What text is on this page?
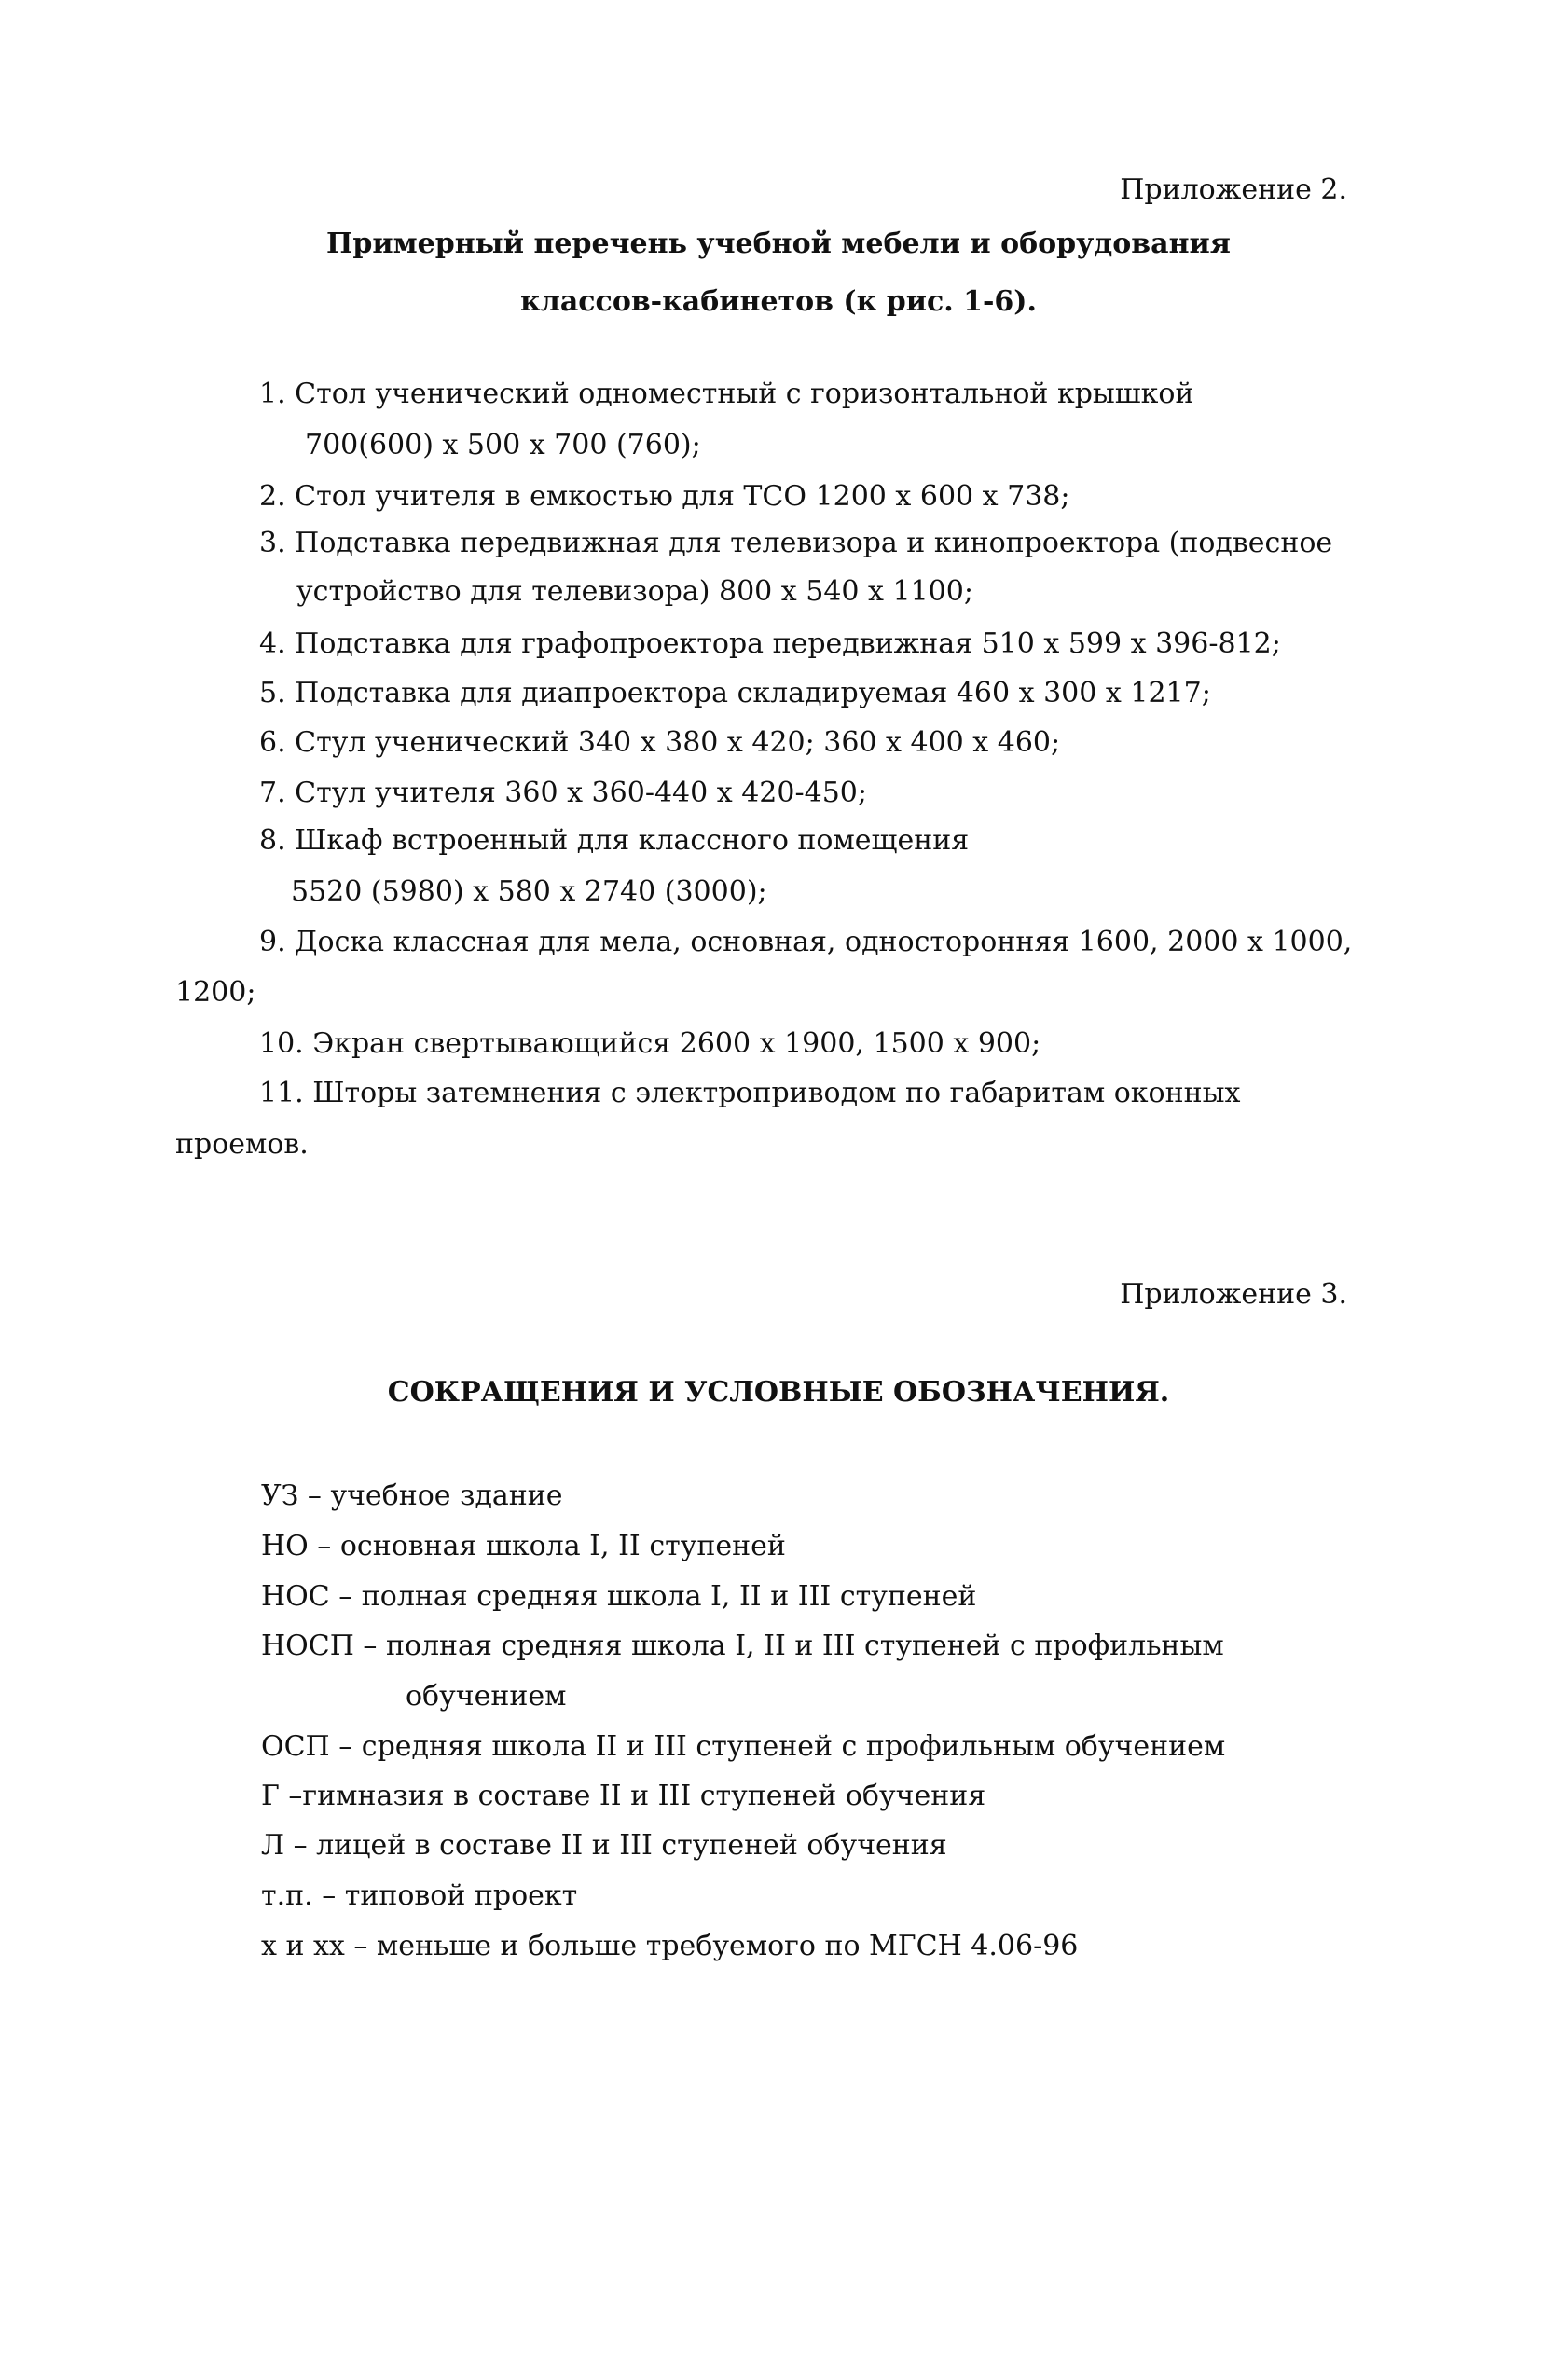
Приложение 2.
Примерный перечень учебной мебели и оборудования
классов-кабинетов (к рис. 1-6).
1. Стол ученический одноместный с горизонтальной крышкой
700(600) х 500 х 700 (760);
2. Стол учителя в емкостью для ТСО 1200 х 600 х 738;
3. Подставка передвижная для телевизора и кинопроектора (подвесное
устройство для телевизора) 800 х 540 х 1100;
4. Подставка для графопроектора передвижная 510 х 599 х 396-812;
5. Подставка для диапроектора складируемая 460 х 300 х 1217;
6. Стул ученический 340 х 380 х 420; 360 х 400 х 460;
7. Стул учителя 360 х 360-440 х 420-450;
8. Шкаф встроенный для классного помещения
5520 (5980) х 580 х 2740 (3000);
9. Доска классная для мела, основная, односторонняя 1600, 2000 х 1000,
1200;
10. Экран свертывающийся 2600 х 1900, 1500 х 900;
11. Шторы затемнения с электроприводом по габаритам оконных
проемов.
Приложение 3.
СОКРАЩЕНИЯ И УСЛОВНЫЕ ОБОЗНАЧЕНИЯ.
УЗ – учебное здание
НО – основная школа I, II ступеней
НОС – полная средняя школа I, II и III ступеней
НОСП – полная средняя школа I, II и III ступеней с профильным
обучением
ОСП – средняя школа II и III ступеней с профильным обучением
Г –гимназия в составе II и III ступеней обучения
Л – лицей в составе II и III ступеней обучения
т.п. – типовой проект
х и хх – меньше и больше требуемого по МГСН 4.06-96
